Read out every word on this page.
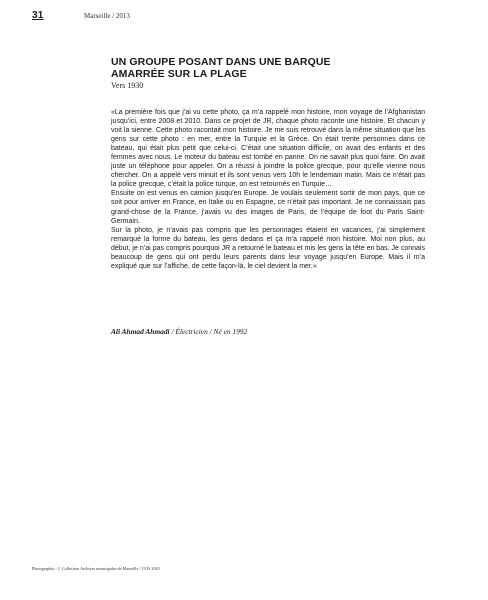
31	Marseille / 2013
UN GROUPE POSANT DANS UNE BARQUE
AMARRÉE SUR LA PLAGE
Vers 1930

«La première fois que j’ai vu cette photo, ça m’a rappelé mon histoire, mon voyage de l’Afghanistan jusqu’ici, entre 2008 et 2010. Dans ce projet de JR, chaque photo raconte une histoire. Et chacun y voit la sienne. Cette photo racontait mon histoire. Je me suis retrouvé dans la même situation que les gens sur cette photo : en mer, entre la Turquie et la Grèce. On était trente personnes dans ce bateau, qui était plus petit que celui-ci. C’était une situation difficile, on avait des enfants et des femmes avec nous. Le moteur du bateau est tombé en panne. On ne savait plus quoi faire. On avait juste un téléphone pour appeler. On a réussi à joindre la police grecque, pour qu’elle vienne nous chercher. On a appelé vers minuit et ils sont venus vers 10h le lendemain matin. Mais ce n’était pas la police grecque, c’était la police turque, on est retournés en Turquie…

Ensuite on est venus en camion jusqu’en Europe. Je voulais seulement sortir de mon pays, que ce soit pour arriver en France, en Italie ou en Espagne, ce n’était pas important. Je ne connaissais pas grand-chose de la France, j’avais vu des images de Paris, de l’équipe de foot du Paris Saint-Germain.

Sur la photo, je n’avais pas compris que les personnages étaient en vacances, j’ai simplement remarqué la forme du bateau, les gens dedans et ça m’a rappelé mon histoire. Moi non plus, au début, je n’ai pas compris pourquoi JR a retourné le bateau et mis les gens la tête en bas. Je connais beaucoup de gens qui ont perdu leurs parents dans leur voyage jusqu’en Europe. Mais il m’a expliqué que sur l’affiche, de cette façon-là, le ciel devient la mer.»

Ali Ahmad Ahmadi / Électricien / Né en 1992
Photographie : © Collection Archives municipales de Marseille / 19 Fi 2043
